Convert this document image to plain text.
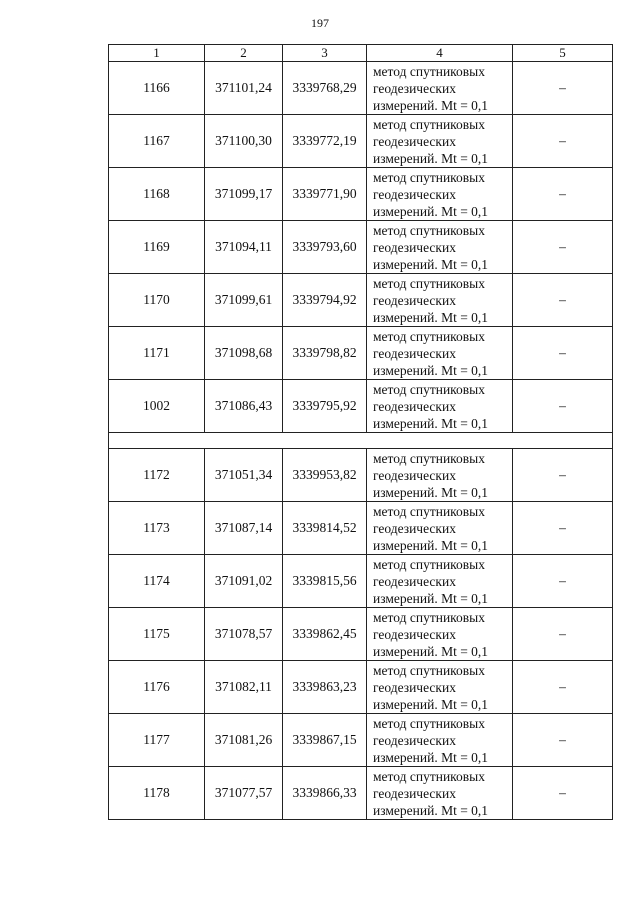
197
1	2	3	4	5
1166	371101,24	3339768,29	метод спутниковых
геодезических
измерений. Mt = 0,1	–
1167	371100,30	3339772,19	метод спутниковых
геодезических
измерений. Mt = 0,1	–
1168	371099,17	3339771,90	метод спутниковых
геодезических
измерений. Mt = 0,1	–
1169	371094,11	3339793,60	метод спутниковых
геодезических
измерений. Mt = 0,1	–
1170	371099,61	3339794,92	метод спутниковых
геодезических
измерений. Mt = 0,1	–
1171	371098,68	3339798,82	метод спутниковых
геодезических
измерений. Mt = 0,1	–
1002	371086,43	3339795,92	метод спутниковых
геодезических
измерений. Mt = 0,1	–

1172	371051,34	3339953,82	метод спутниковых
геодезических
измерений. Mt = 0,1	–
1173	371087,14	3339814,52	метод спутниковых
геодезических
измерений. Mt = 0,1	–
1174	371091,02	3339815,56	метод спутниковых
геодезических
измерений. Mt = 0,1	–
1175	371078,57	3339862,45	метод спутниковых
геодезических
измерений. Mt = 0,1	–
1176	371082,11	3339863,23	метод спутниковых
геодезических
измерений. Mt = 0,1	–
1177	371081,26	3339867,15	метод спутниковых
геодезических
измерений. Mt = 0,1	–
1178	371077,57	3339866,33	метод спутниковых
геодезических
измерений. Mt = 0,1	–
